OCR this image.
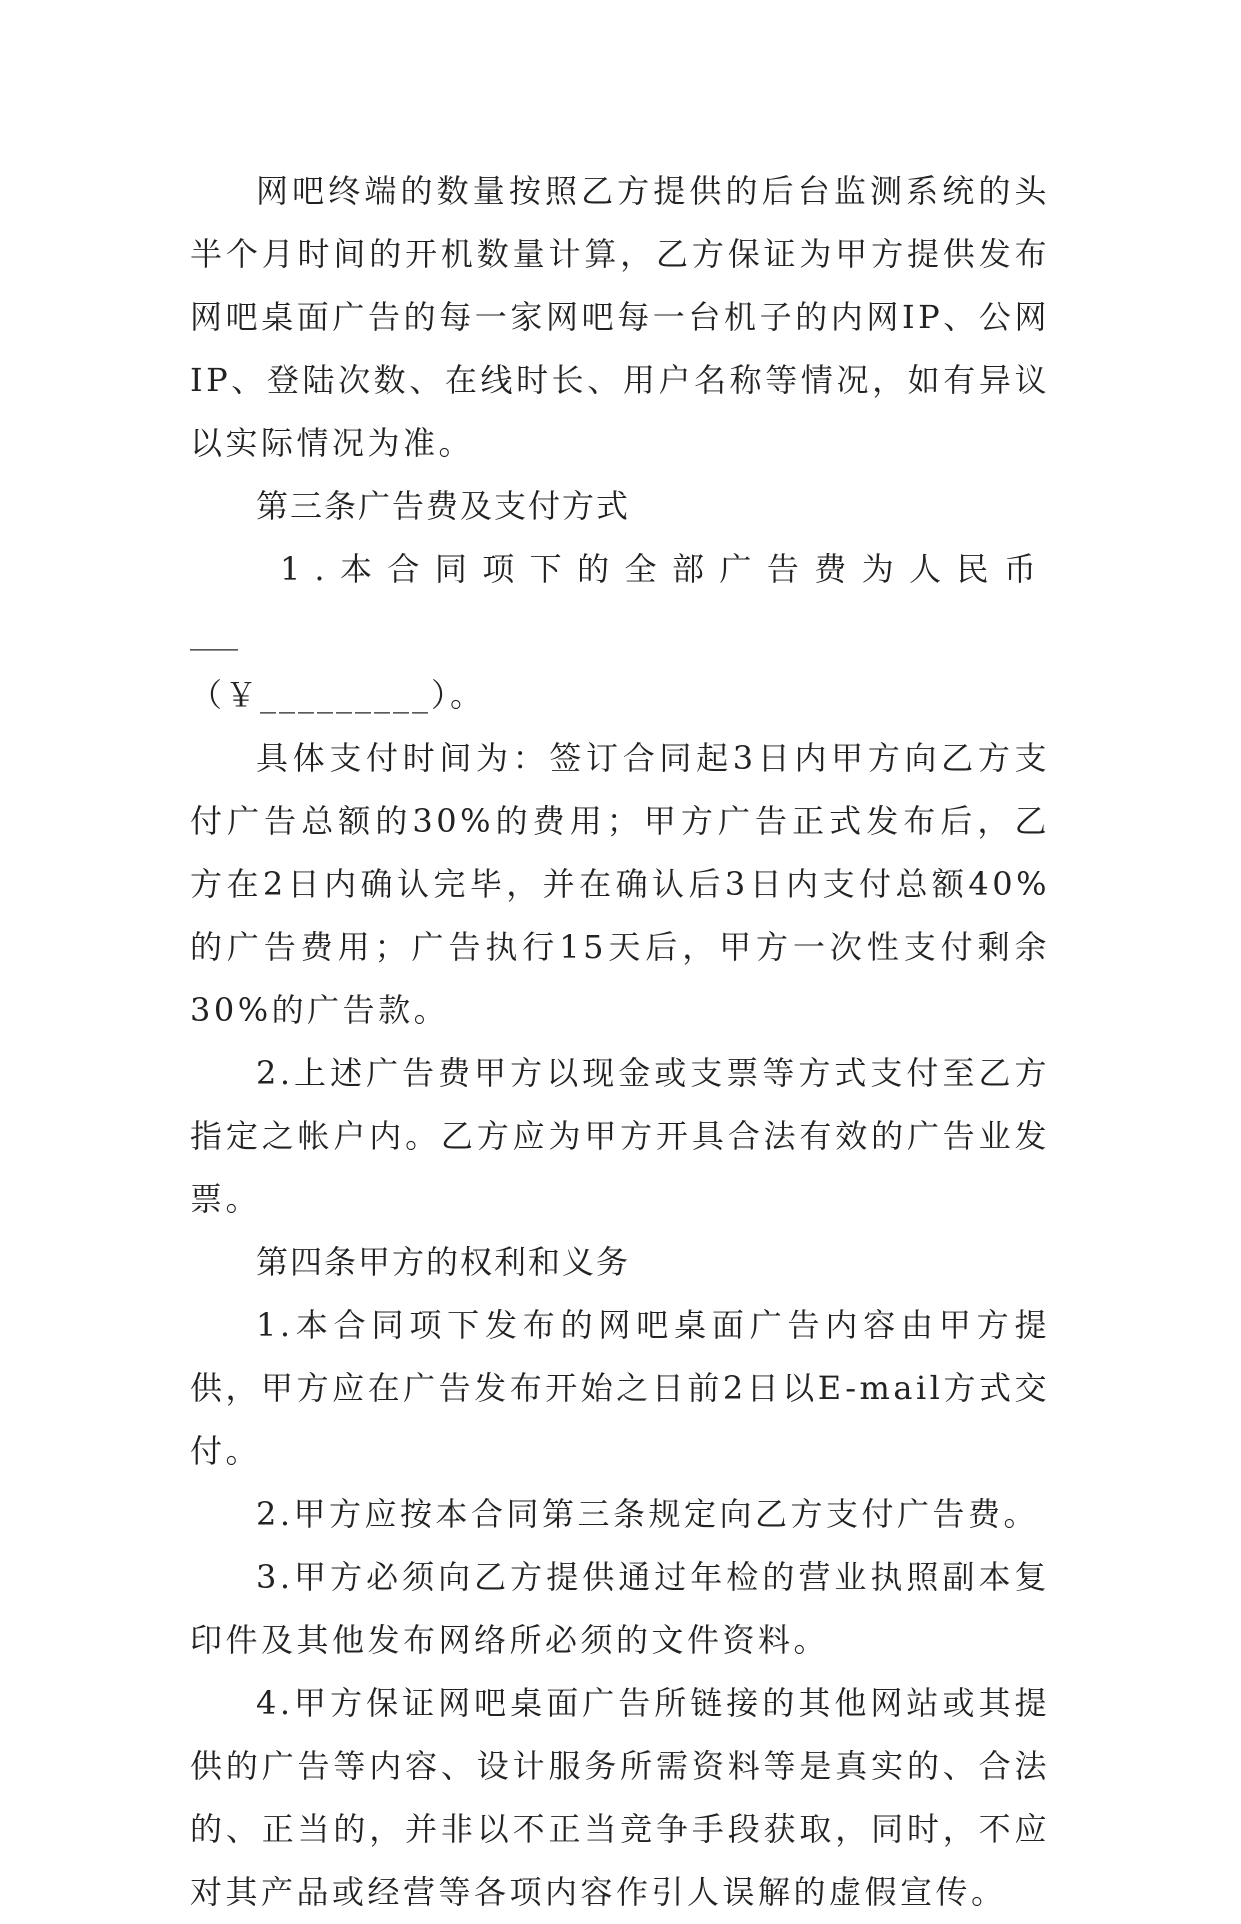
网吧终端的数量按照乙方提供的后台监测系统的头半个月时间的开机数量计算，乙方保证为甲方提供发布网吧桌面广告的每一家网吧每一台机子的内网IP、公网IP、登陆次数、在线时长、用户名称等情况，如有异议以实际情况为准。

第三条广告费及支付方式

1.本合同项下的全部广告费为人民币___
（￥_________）。

具体支付时间为：签订合同起3日内甲方向乙方支付广告总额的30%的费用；甲方广告正式发布后，乙方在2日内确认完毕，并在确认后3日内支付总额40%的广告费用；广告执行15天后，甲方一次性支付剩余30%的广告款。

2.上述广告费甲方以现金或支票等方式支付至乙方指定之帐户内。乙方应为甲方开具合法有效的广告业发票。

第四条甲方的权利和义务

1.本合同项下发布的网吧桌面广告内容由甲方提供，甲方应在广告发布开始之日前2日以E-mail方式交付。

2.甲方应按本合同第三条规定向乙方支付广告费。

3.甲方必须向乙方提供通过年检的营业执照副本复印件及其他发布网络所必须的文件资料。

4.甲方保证网吧桌面广告所链接的其他网站或其提供的广告等内容、设计服务所需资料等是真实的、合法的、正当的，并非以不正当竞争手段获取，同时，不应对其产品或经营等各项内容作引人误解的虚假宣传。
